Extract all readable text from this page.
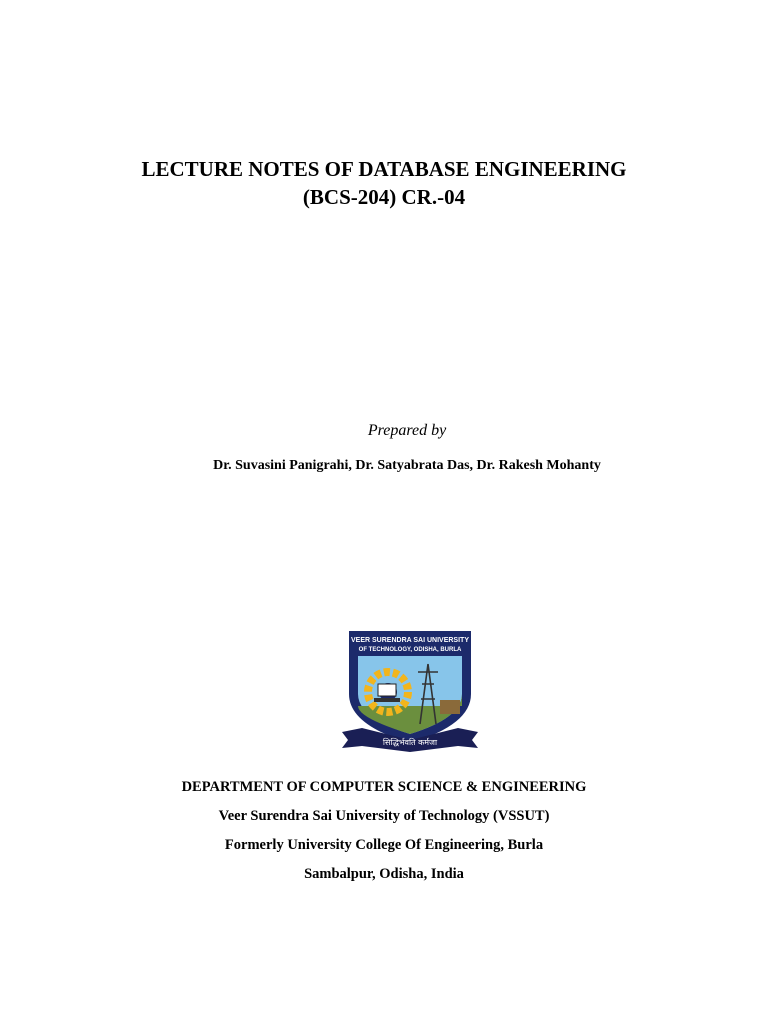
LECTURE NOTES OF DATABASE ENGINEERING
(BCS-204) CR.-04
Prepared by
Dr. Suvasini Panigrahi, Dr. Satyabrata Das, Dr. Rakesh Mohanty
VEER SURENDRA SAI UNIVERSITY
OF TECHNOLOGY, ODISHA, BURLA
सिद्धिर्भवति कर्मजा
DEPARTMENT OF COMPUTER SCIENCE & ENGINEERING
Veer Surendra Sai University of Technology (VSSUT)
Formerly University College Of Engineering, Burla
Sambalpur, Odisha, India
